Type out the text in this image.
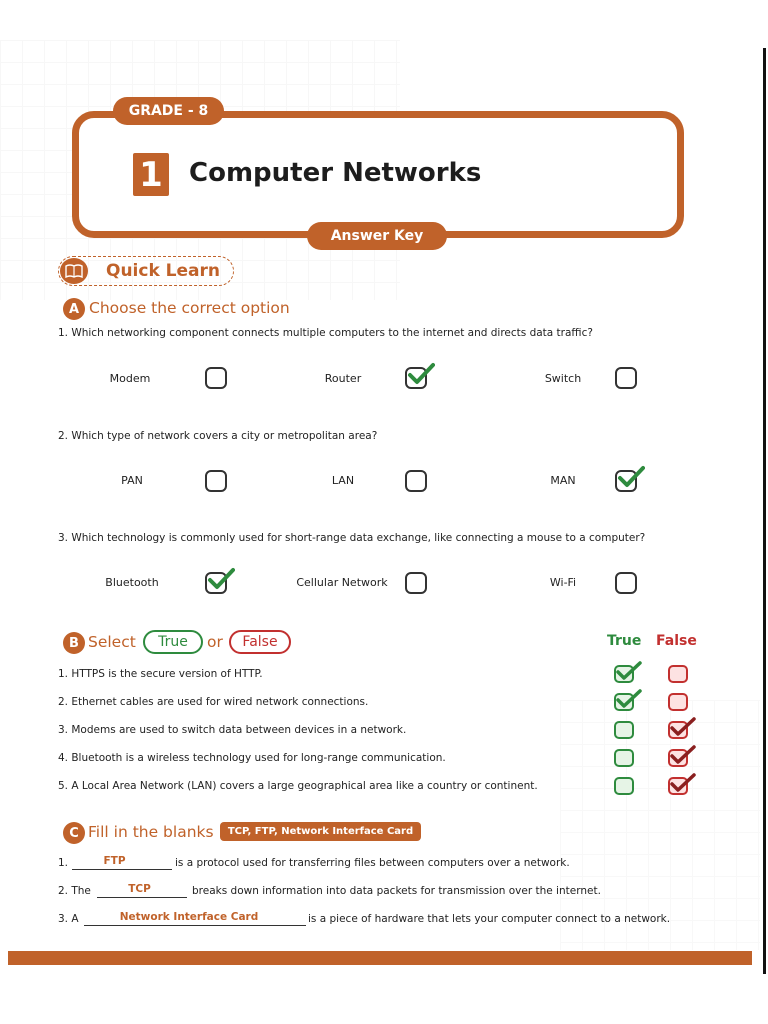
GRADE - 8
1 Computer Networks
Answer Key
Quick Learn
A Choose the correct option
1. Which networking component connects multiple computers to the internet and directs data traffic?
Modem	Router	Switch
2. Which type of network covers a city or metropolitan area?
PAN	LAN	MAN
3. Which technology is commonly used for short-range data exchange, like connecting a mouse to a computer?
Bluetooth	Cellular Network	Wi-Fi
B Select	True	or	False	True False
1. HTTPS is the secure version of HTTP.
2. Ethernet cables are used for wired network connections.
3. Modems are used to switch data between devices in a network.
4. Bluetooth is a wireless technology used for long-range communication.
5. A Local Area Network (LAN) covers a large geographical area like a country or continent.
C Fill in the blanks	TCP, FTP, Network Interface Card
1.	FTP	is a protocol used for transferring files between computers over a network.
2. The	TCP	breaks down information into data packets for transmission over the internet.
3. A	Network Interface Card	is a piece of hardware that lets your computer connect to a network.
